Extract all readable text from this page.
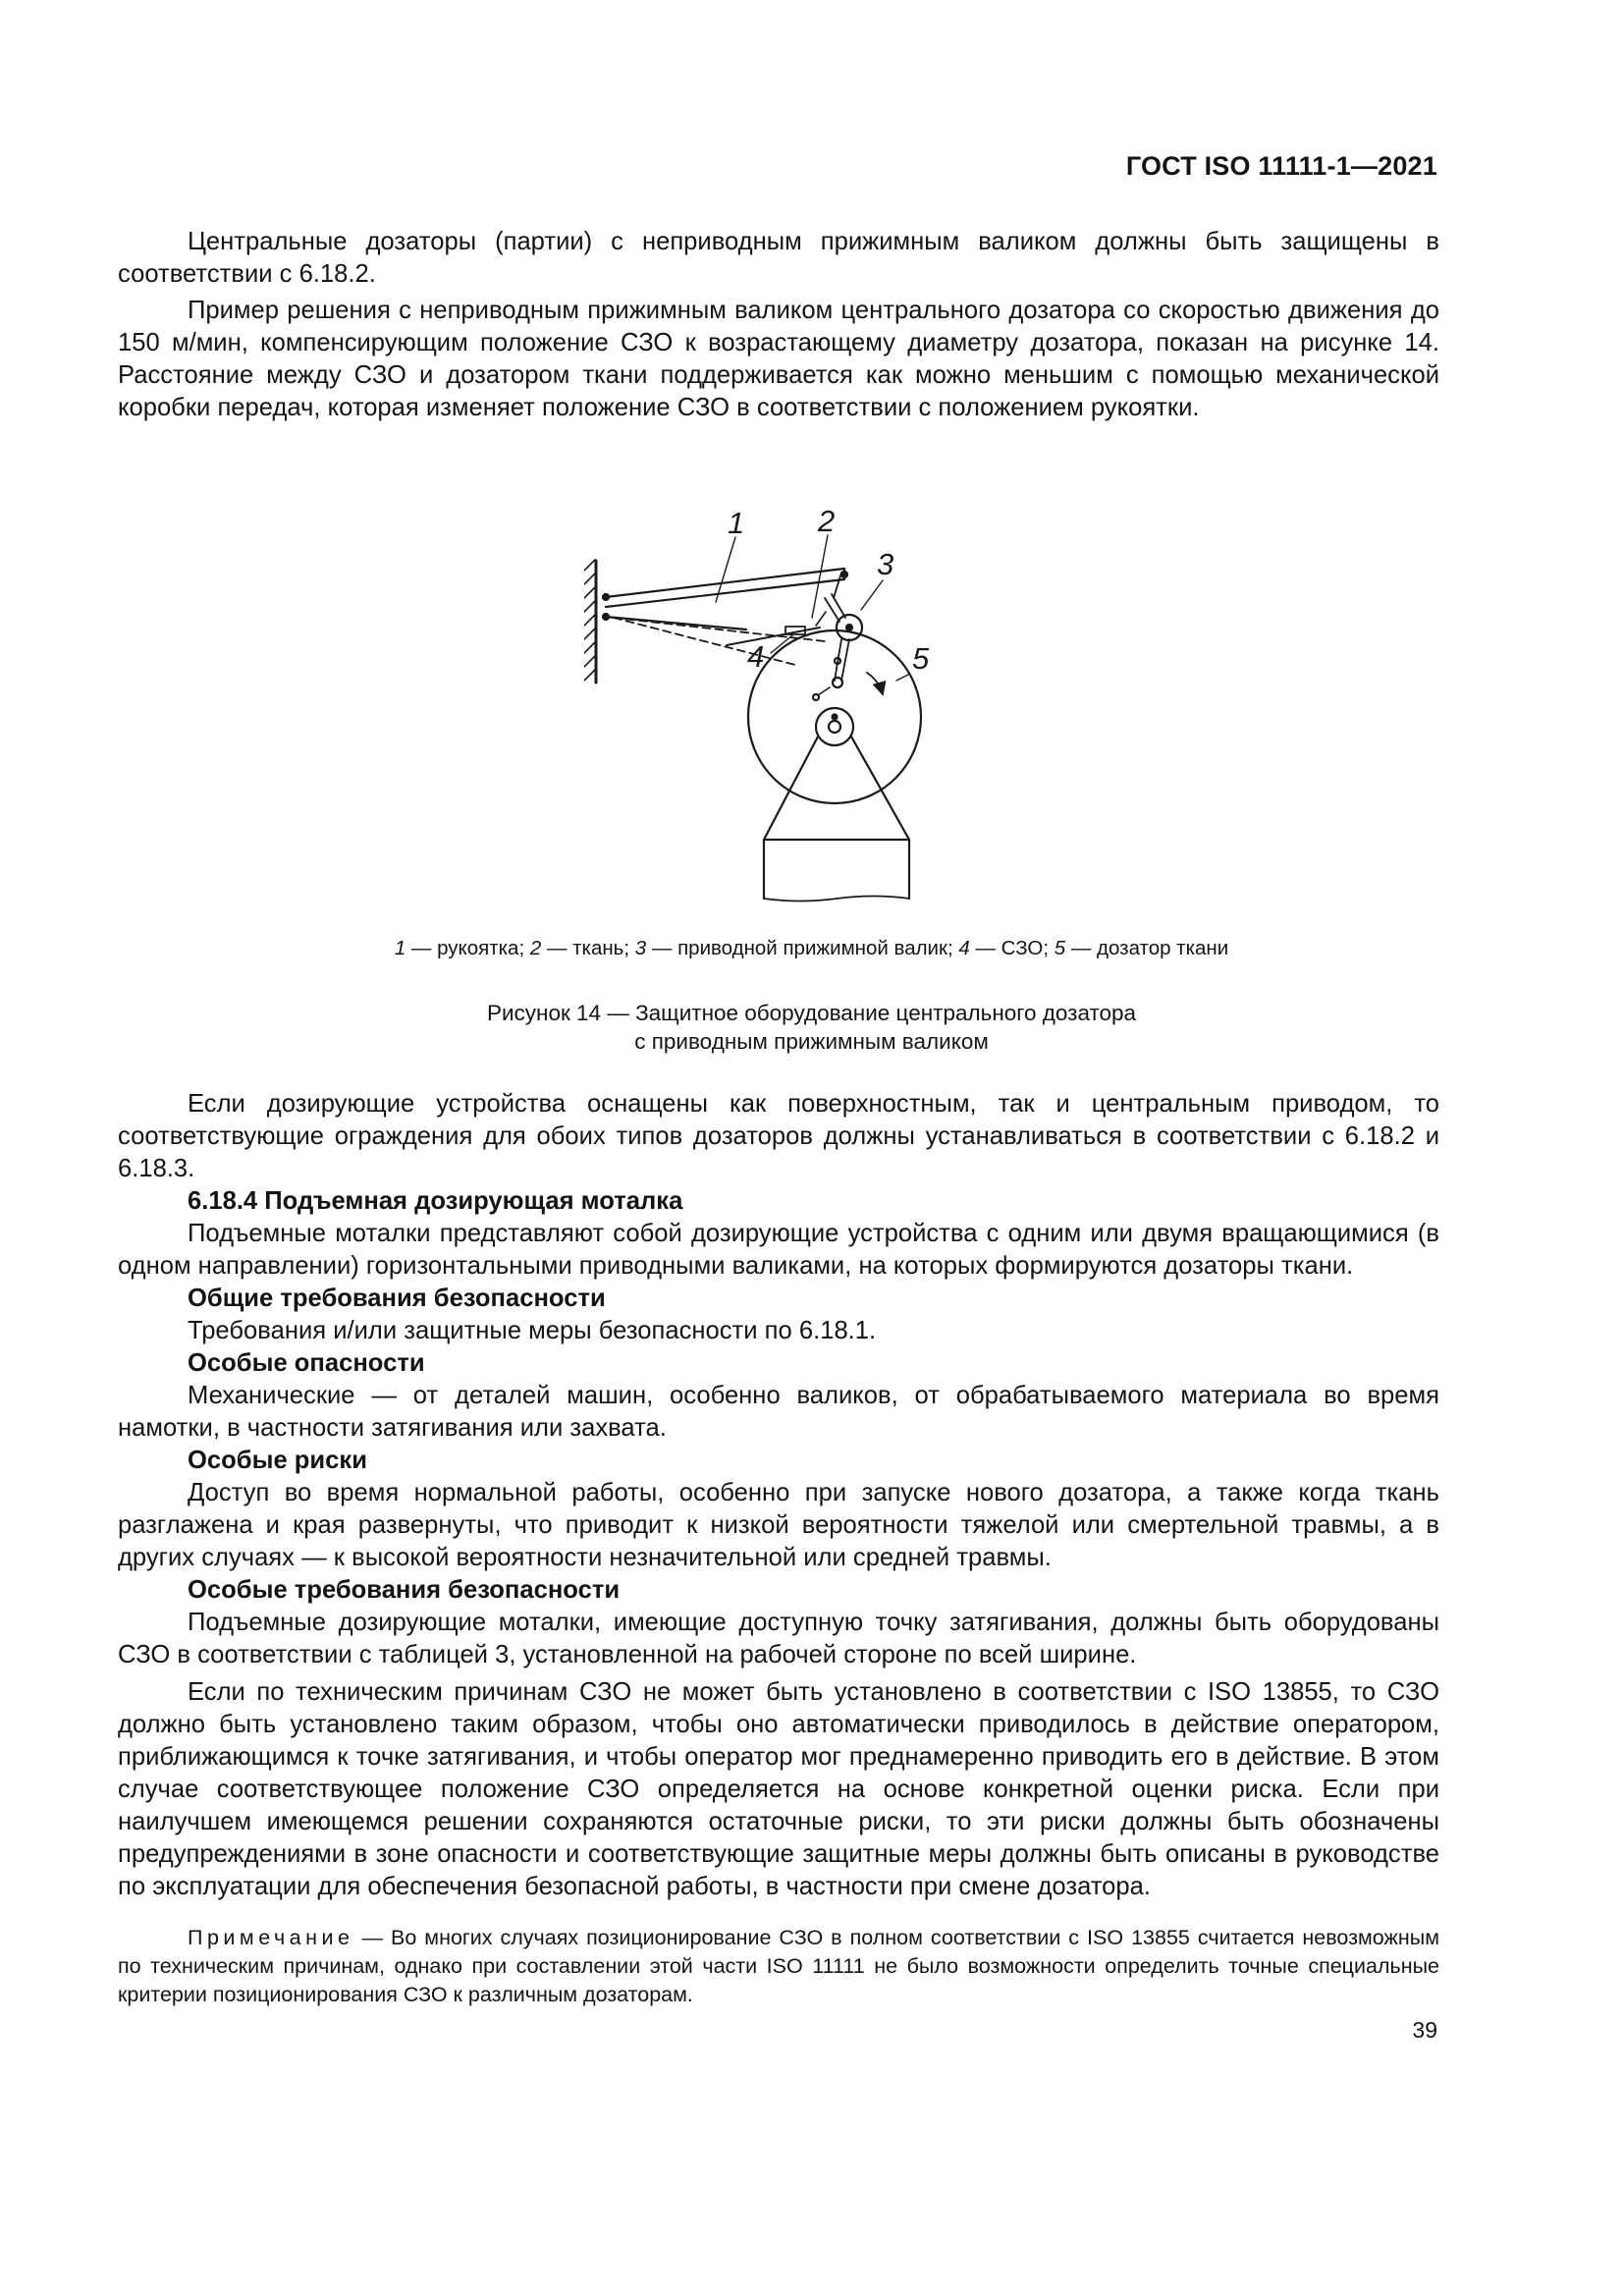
ГОСТ ISO 11111-1—2021

Центральные дозаторы (партии) с неприводным прижимным валиком должны быть защищены в соответствии с 6.18.2.

Пример решения с неприводным прижимным валиком центрального дозатора со скоростью движения до 150 м/мин, компенсирующим положение СЗО к возрастающему диаметру дозатора, показан на рисунке 14. Расстояние между СЗО и дозатором ткани поддерживается как можно меньшим с помощью механической коробки передач, которая изменяет положение СЗО в соответствии с положением рукоятки.

1 2
3
4	5
1 — рукоятка; 2 — ткань; 3 — приводной прижимной валик; 4 — СЗО; 5 — дозатор ткани
Рисунок 14 — Защитное оборудование центрального дозатора
с приводным прижимным валиком

Если дозирующие устройства оснащены как поверхностным, так и центральным приводом, то соответствующие ограждения для обоих типов дозаторов должны устанавливаться в соответствии с 6.18.2 и 6.18.3.

6.18.4 Подъемная дозирующая моталка

Подъемные моталки представляют собой дозирующие устройства с одним или двумя вращающимися (в одном направлении) горизонтальными приводными валиками, на которых формируются дозаторы ткани.

Общие требования безопасности

Требования и/или защитные меры безопасности по 6.18.1.

Особые опасности

Механические — от деталей машин, особенно валиков, от обрабатываемого материала во время намотки, в частности затягивания или захвата.

Особые риски

Доступ во время нормальной работы, особенно при запуске нового дозатора, а также когда ткань разглажена и края развернуты, что приводит к низкой вероятности тяжелой или смертельной травмы, а в других случаях — к высокой вероятности незначительной или средней травмы.

Особые требования безопасности

Подъемные дозирующие моталки, имеющие доступную точку затягивания, должны быть оборудованы СЗО в соответствии с таблицей 3, установленной на рабочей стороне по всей ширине.

Если по техническим причинам СЗО не может быть установлено в соответствии с ISO 13855, то СЗО должно быть установлено таким образом, чтобы оно автоматически приводилось в действие оператором, приближающимся к точке затягивания, и чтобы оператор мог преднамеренно приводить его в действие. В этом случае соответствующее положение СЗО определяется на основе конкретной оценки риска. Если при наилучшем имеющемся решении сохраняются остаточные риски, то эти риски должны быть обозначены предупреждениями в зоне опасности и соответствующие защитные меры должны быть описаны в руководстве по эксплуатации для обеспечения безопасной работы, в частности при смене дозатора.

Примечание — Во многих случаях позиционирование СЗО в полном соответствии с ISO 13855 считается невозможным по техническим причинам, однако при составлении этой части ISO 11111 не было возможности определить точные специальные критерии позиционирования СЗО к различным дозаторам.
39
